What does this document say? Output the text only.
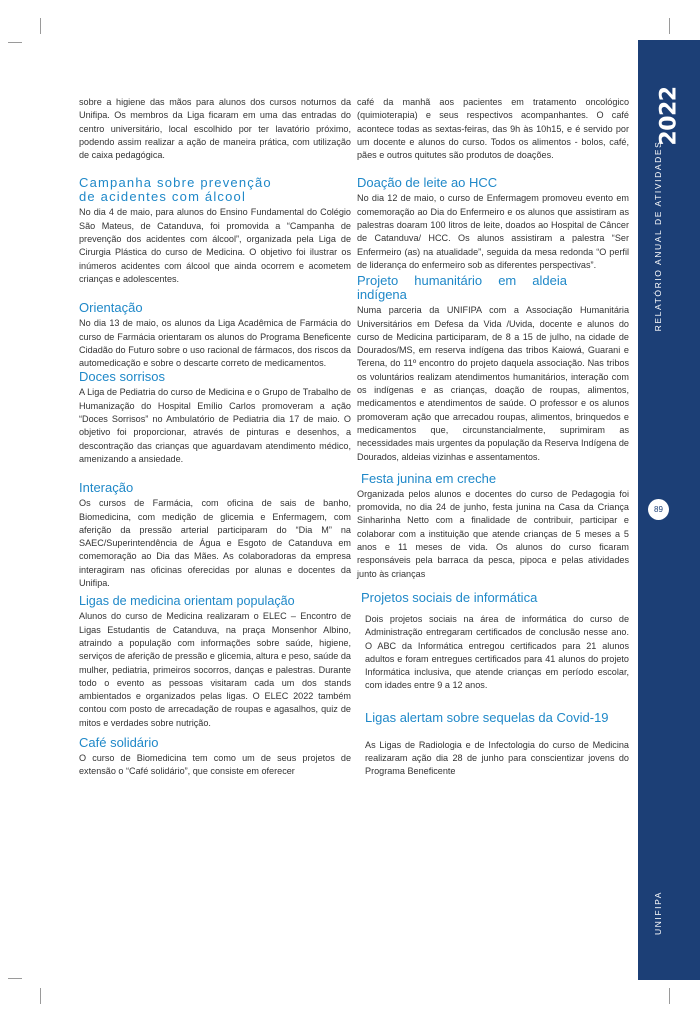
sobre a higiene das mãos para alunos dos cursos noturnos da Unifipa. Os membros da Liga ficaram em uma das entradas do centro universitário, local escolhido por ter lavatório próximo, podendo assim realizar a ação de maneira prática, com utilização de caixa pedagógica.

Campanha sobre prevenção de acidentes com álcool

No dia 4 de maio, para alunos do Ensino Fundamental do Colégio São Mateus, de Catanduva, foi promovida a “Campanha de prevenção dos acidentes com álcool”, organizada pela Liga de Cirurgia Plástica do curso de Medicina. O objetivo foi ilustrar os inúmeros acidentes com álcool que ainda ocorrem e acometem crianças e adolescentes.

Orientação

No dia 13 de maio, os alunos da Liga Acadêmica de Farmácia do curso de Farmácia orientaram os alunos do Programa Beneficente Cidadão do Futuro sobre o uso racional de fármacos, dos riscos da automedicação e sobre o descarte correto de medicamentos.

Doces sorrisos

A Liga de Pediatria do curso de Medicina e o Grupo de Trabalho de Humanização do Hospital Emílio Carlos promoveram a ação “Doces Sorrisos” no Ambulatório de Pediatria dia 17 de maio. O objetivo foi proporcionar, através de pinturas e desenhos, a descontração das crianças que aguardavam atendimento médico, amenizando a ansiedade.

Interação

Os cursos de Farmácia, com oficina de sais de banho, Biomedicina, com medição de glicemia e Enfermagem, com aferição da pressão arterial participaram do “Dia M” na SAEC/Superintendência de Água e Esgoto de Catanduva em comemoração ao Dia das Mães. As colaboradoras da empresa interagiram nas oficinas oferecidas por alunas e docentes da Unifipa.

Ligas de medicina orientam população

Alunos do curso de Medicina realizaram o ELEC – Encontro de Ligas Estudantis de Catanduva, na praça Monsenhor Albino, atraindo a população com informações sobre saúde, higiene, serviços de aferição de pressão e glicemia, altura e peso, saúde da mulher, pediatria, primeiros socorros, danças e palestras. Durante todo o evento as pessoas visitaram cada um dos stands ambientados e organizados pelas ligas. O ELEC 2022 também contou com posto de arrecadação de roupas e agasalhos, quiz de mitos e verdades sobre nutrição.

Café solidário

O curso de Biomedicina tem como um de seus projetos de extensão o “Café solidário”, que consiste em oferecer

café da manhã aos pacientes em tratamento oncológico (quimioterapia) e seus respectivos acompanhantes. O café acontece todas as sextas-feiras, das 9h às 10h15, e é servido por um docente e alunos do curso. Todos os alimentos - bolos, café, pães e outros quitutes são produtos de doações.

Doação de leite ao HCC

No dia 12 de maio, o curso de Enfermagem promoveu evento em comemoração ao Dia do Enfermeiro e os alunos que assistiram as palestras doaram 100 litros de leite, doados ao Hospital de Câncer de Catanduva/ HCC. Os alunos assistiram a palestra “Ser Enfermeiro (as) na atualidade”, seguida da mesa redonda “O perfil de liderança do enfermeiro sob as diferentes perspectivas”.

Projeto humanitário em aldeia indígena

Numa parceria da UNIFIPA com a Associação Humanitária Universitários em Defesa da Vida /Uvida, docente e alunos do curso de Medicina participaram, de 8 a 15 de julho, na cidade de Dourados/MS, em reserva indígena das tribos Kaiowá, Guarani e Terena, do 11º encontro do projeto daquela associação. Nas tribos os voluntários realizam atendimentos humanitários, interação com os indígenas e as crianças, doação de roupas, alimentos, medicamentos e atendimentos de saúde. O professor e os alunos promoveram ação que arrecadou roupas, alimentos, brinquedos e medicamentos que, circunstancialmente, suprimiram as necessidades mais urgentes da população da Reserva Indígena de Dourados, aldeias vizinhas e assentamentos.

Festa junina em creche

Organizada pelos alunos e docentes do curso de Pedagogia foi promovida, no dia 24 de junho, festa junina na Casa da Criança Sinharinha Netto com a finalidade de contribuir, participar e colaborar com a instituição que atende crianças de 5 meses a 5 anos e 11 meses de vida. Os alunos do curso ficaram responsáveis pela barraca da pesca, pipoca e pelas atividades junto às crianças

Projetos sociais de informática

Dois projetos sociais na área de informática do curso de Administração entregaram certificados de conclusão nesse ano. O ABC da Informática entregou certificados para 21 alunos adultos e foram entregues certificados para 41 alunos do projeto Informática inclusiva, que atende crianças em período escolar, com idades entre 9 a 12 anos.

Ligas alertam sobre sequelas da Covid-19

As Ligas de Radiologia e de Infectologia do curso de Medicina realizaram ação dia 28 de junho para conscientizar jovens do Programa Beneficente

2022
RELATÓRIO ANUAL DE ATIVIDADES
89
UNIFIPA
